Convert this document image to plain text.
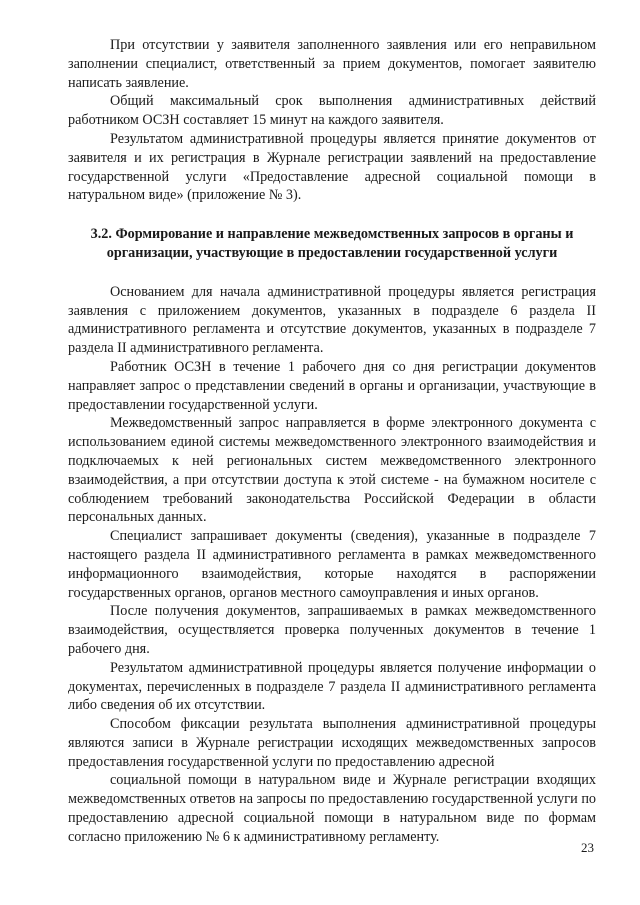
При отсутствии у заявителя заполненного заявления или его неправильном заполнении специалист, ответственный за прием документов, помогает заявителю написать заявление.

Общий максимальный срок выполнения административных действий работником ОСЗН составляет 15 минут на каждого заявителя.

Результатом административной процедуры является принятие документов от заявителя и их регистрация в Журнале регистрации заявлений на предоставление государственной услуги «Предоставление адресной социальной помощи в натуральном виде» (приложение № 3).

3.2. Формирование и направление межведомственных запросов в органы и организации, участвующие в предоставлении государственной услуги

Основанием для начала административной процедуры является регистрация заявления с приложением документов, указанных в подразделе 6 раздела II административного регламента и отсутствие документов, указанных в подразделе 7 раздела II административного регламента.

Работник ОСЗН в течение 1 рабочего дня со дня регистрации документов направляет запрос о представлении сведений в органы и организации, участвующие в предоставлении государственной услуги.

Межведомственный запрос направляется в форме электронного документа с использованием единой системы межведомственного электронного взаимодействия и подключаемых к ней региональных систем межведомственного электронного взаимодействия, а при отсутствии доступа к этой системе - на бумажном носителе с соблюдением требований законодательства Российской Федерации в области персональных данных.

Специалист запрашивает документы (сведения), указанные в подразделе 7 настоящего раздела II административного регламента в рамках межведомственного информационного взаимодействия, которые находятся в распоряжении государственных органов, органов местного самоуправления и иных органов.

После получения документов, запрашиваемых в рамках межведомственного взаимодействия, осуществляется проверка полученных документов в течение 1 рабочего дня.

Результатом административной процедуры является получение информации о документах, перечисленных в подразделе 7 раздела II административного регламента либо сведения об их отсутствии.

Способом фиксации результата выполнения административной процедуры являются записи в Журнале регистрации исходящих межведомственных запросов предоставления государственной услуги по предоставлению адресной

социальной помощи в натуральном виде и Журнале регистрации входящих межведомственных ответов на запросы по предоставлению государственной услуги по предоставлению адресной социальной помощи в натуральном виде по формам согласно приложению № 6 к административному регламенту.

23
